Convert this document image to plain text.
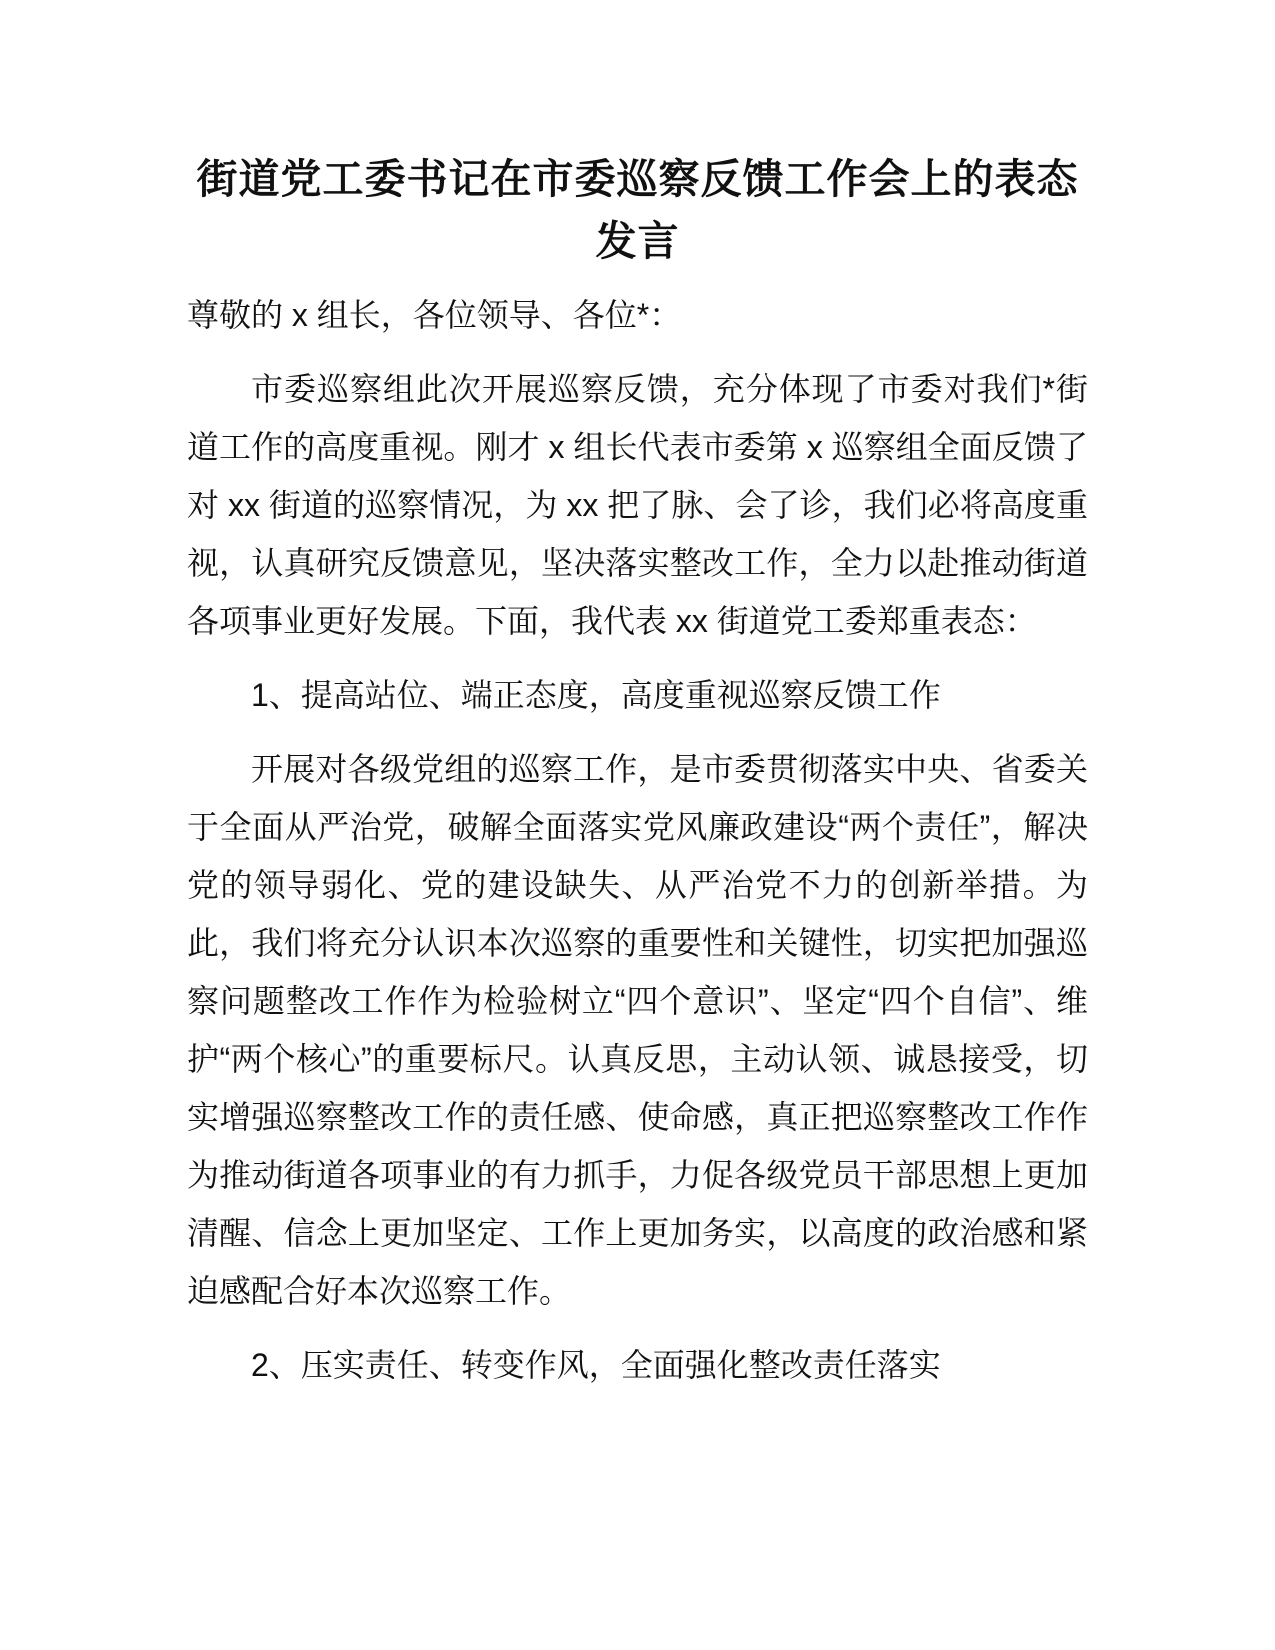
街道党工委书记在市委巡察反馈工作会上的表态发言

尊敬的 x 组长，各位领导、各位*：

市委巡察组此次开展巡察反馈，充分体现了市委对我们*街道工作的高度重视。刚才 x 组长代表市委第 x 巡察组全面反馈了对 xx 街道的巡察情况，为 xx 把了脉、会了诊，我们必将高度重视，认真研究反馈意见，坚决落实整改工作，全力以赴推动街道各项事业更好发展。下面，我代表 xx 街道党工委郑重表态：

1、提高站位、端正态度，高度重视巡察反馈工作

开展对各级党组的巡察工作，是市委贯彻落实中央、省委关于全面从严治党，破解全面落实党风廉政建设“两个责任”，解决党的领导弱化、党的建设缺失、从严治党不力的创新举措。为此，我们将充分认识本次巡察的重要性和关键性，切实把加强巡察问题整改工作作为检验树立“四个意识”、坚定“四个自信”、维护“两个核心”的重要标尺。认真反思，主动认领、诚恳接受，切实增强巡察整改工作的责任感、使命感，真正把巡察整改工作作为推动街道各项事业的有力抓手，力促各级党员干部思想上更加清醒、信念上更加坚定、工作上更加务实，以高度的政治感和紧迫感配合好本次巡察工作。

2、压实责任、转变作风，全面强化整改责任落实
